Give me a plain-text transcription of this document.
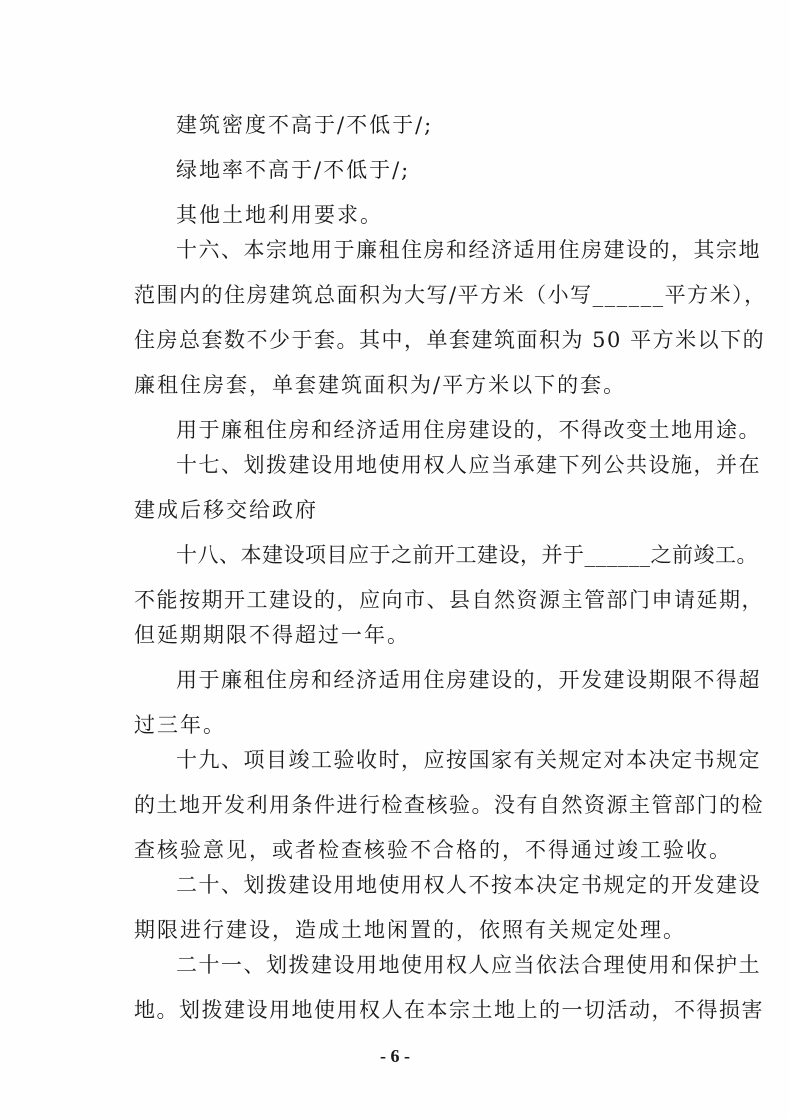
建筑密度不高于/不低于/;
绿地率不高于/不低于/;
其他土地利用要求。
十六、本宗地用于廉租住房和经济适用住房建设的，其宗地
范围内的住房建筑总面积为大写/平方米（小写______平方米），
住房总套数不少于套。其中，单套建筑面积为 50 平方米以下的
廉租住房套，单套建筑面积为/平方米以下的套。
用于廉租住房和经济适用住房建设的，不得改变土地用途。
十七、划拨建设用地使用权人应当承建下列公共设施，并在
建成后移交给政府
十八、本建设项目应于之前开工建设，并于______之前竣工。
不能按期开工建设的，应向市、县自然资源主管部门申请延期，
但延期期限不得超过一年。
用于廉租住房和经济适用住房建设的，开发建设期限不得超
过三年。
十九、项目竣工验收时，应按国家有关规定对本决定书规定
的土地开发利用条件进行检查核验。没有自然资源主管部门的检
查核验意见，或者检查核验不合格的，不得通过竣工验收。
二十、划拨建设用地使用权人不按本决定书规定的开发建设
期限进行建设，造成土地闲置的，依照有关规定处理。
二十一、划拨建设用地使用权人应当依法合理使用和保护土
地。划拨建设用地使用权人在本宗土地上的一切活动，不得损害
- 6 -
